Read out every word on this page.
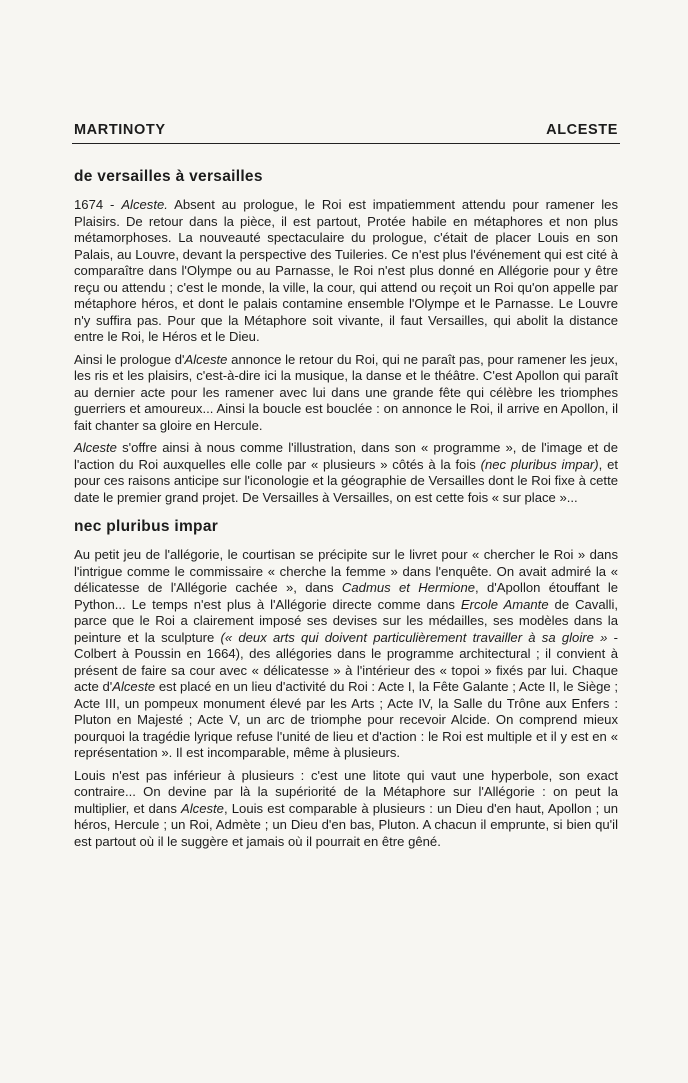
MARTINOTY	ALCESTE
de versailles à versailles

1674 - Alceste. Absent au prologue, le Roi est impatiemment attendu pour ramener les Plaisirs. De retour dans la pièce, il est partout, Protée habile en métaphores et non plus métamorphoses. La nouveauté spectaculaire du prologue, c'était de placer Louis en son Palais, au Louvre, devant la perspective des Tuileries. Ce n'est plus l'événement qui est cité à comparaître dans l'Olympe ou au Parnasse, le Roi n'est plus donné en Allégorie pour y être reçu ou attendu ; c'est le monde, la ville, la cour, qui attend ou reçoit un Roi qu'on appelle par métaphore héros, et dont le palais contamine ensemble l'Olympe et le Parnasse. Le Louvre n'y suffira pas. Pour que la Métaphore soit vivante, il faut Versailles, qui abolit la distance entre le Roi, le Héros et le Dieu.

Ainsi le prologue d'Alceste annonce le retour du Roi, qui ne paraît pas, pour ramener les jeux, les ris et les plaisirs, c'est-à-dire ici la musique, la danse et le théâtre. C'est Apollon qui paraît au dernier acte pour les ramener avec lui dans une grande fête qui célèbre les triomphes guerriers et amoureux... Ainsi la boucle est bouclée : on annonce le Roi, il arrive en Apollon, il fait chanter sa gloire en Hercule.

Alceste s'offre ainsi à nous comme l'illustration, dans son « programme », de l'image et de l'action du Roi auxquelles elle colle par « plusieurs » côtés à la fois (nec pluribus impar), et pour ces raisons anticipe sur l'iconologie et la géographie de Versailles dont le Roi fixe à cette date le premier grand projet. De Versailles à Versailles, on est cette fois « sur place »...

nec pluribus impar

Au petit jeu de l'allégorie, le courtisan se précipite sur le livret pour « chercher le Roi » dans l'intrigue comme le commissaire « cherche la femme » dans l'enquête. On avait admiré la « délicatesse de l'Allégorie cachée », dans Cadmus et Hermione, d'Apollon étouffant le Python... Le temps n'est plus à l'Allégorie directe comme dans Ercole Amante de Cavalli, parce que le Roi a clairement imposé ses devises sur les médailles, ses modèles dans la peinture et la sculpture (« deux arts qui doivent particulièrement travailler à sa gloire » - Colbert à Poussin en 1664), des allégories dans le programme architectural ; il convient à présent de faire sa cour avec « délicatesse » à l'intérieur des « topoi » fixés par lui. Chaque acte d'Alceste est placé en un lieu d'activité du Roi : Acte I, la Fête Galante ; Acte II, le Siège ; Acte III, un pompeux monument élevé par les Arts ; Acte IV, la Salle du Trône aux Enfers : Pluton en Majesté ; Acte V, un arc de triomphe pour recevoir Alcide. On comprend mieux pourquoi la tragédie lyrique refuse l'unité de lieu et d'action : le Roi est multiple et il y est en « représentation ». Il est incomparable, même à plusieurs.

Louis n'est pas inférieur à plusieurs : c'est une litote qui vaut une hyperbole, son exact contraire... On devine par là la supériorité de la Métaphore sur l'Allégorie : on peut la multiplier, et dans Alceste, Louis est comparable à plusieurs : un Dieu d'en haut, Apollon ; un héros, Hercule ; un Roi, Admète ; un Dieu d'en bas, Pluton. A chacun il emprunte, si bien qu'il est partout où il le suggère et jamais où il pourrait en être gêné.
